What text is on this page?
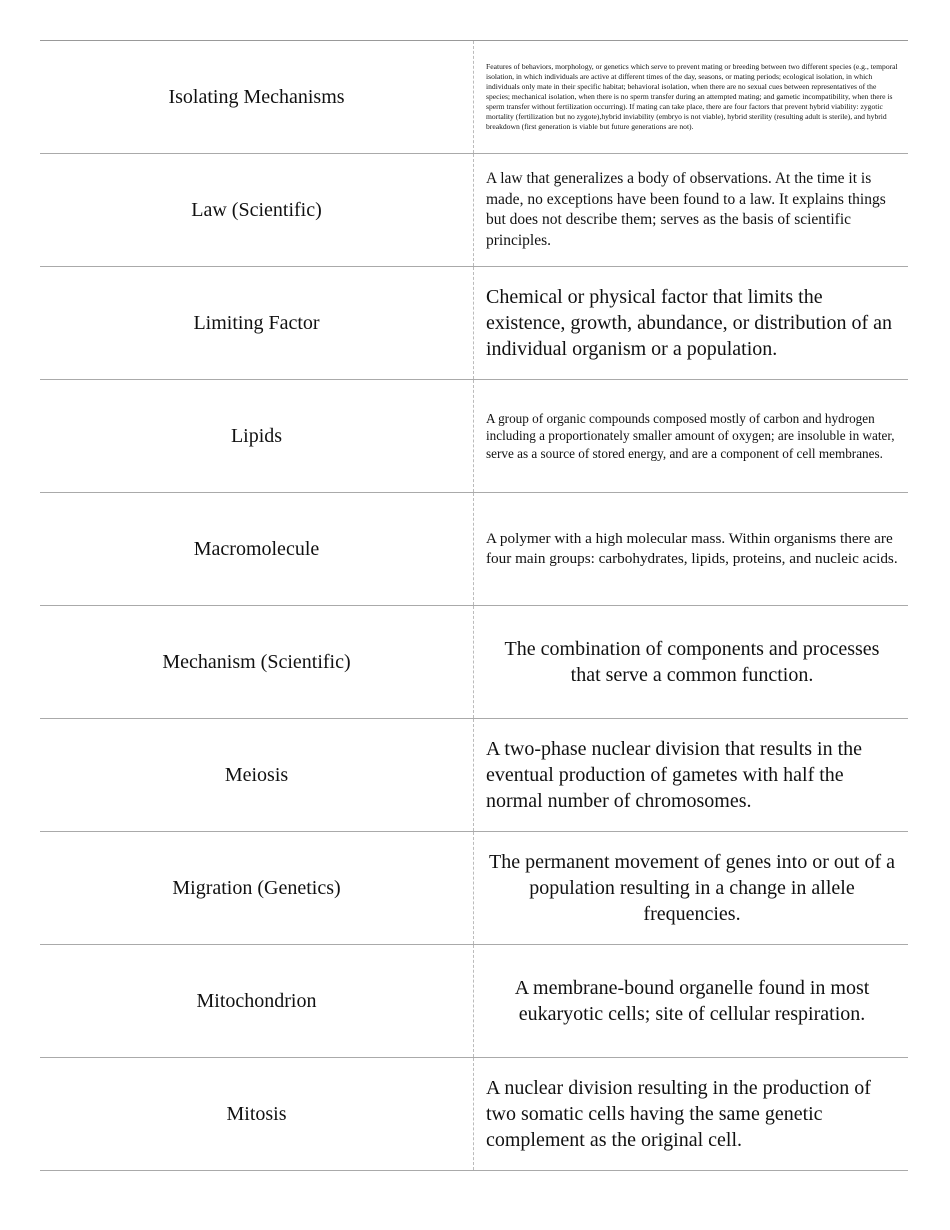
Isolating Mechanisms
Features of behaviors, morphology, or genetics which serve to prevent mating or breeding between two different species (e.g., temporal isolation, in which individuals are active at different times of the day, seasons, or mating periods; ecological isolation, in which individuals only mate in their specific habitat; behavioral isolation, when there are no sexual cues between representatives of the species; mechanical isolation, when there is no sperm transfer during an attempted mating; and gametic incompatibility, when there is sperm transfer without fertilization occurring). If mating can take place, there are four factors that prevent hybrid viability: zygotic mortality (fertilization but no zygote),hybrid inviability (embryo is not viable), hybrid sterility (resulting adult is sterile), and hybrid breakdown (first generation is viable but future generations are not).
Law (Scientific)
A law that generalizes a body of observations. At the time it is made, no exceptions have been found to a law. It explains things but does not describe them; serves as the basis of scientific principles.
Limiting Factor
Chemical or physical factor that limits the existence, growth, abundance, or distribution of an individual organism or a population.
Lipids
A group of organic compounds composed mostly of carbon and hydrogen including a proportionately smaller amount of oxygen; are insoluble in water, serve as a source of stored energy, and are a component of cell membranes.
Macromolecule	A polymer with a high molecular mass. Within organisms there are four main groups: carbohydrates, lipids, proteins, and nucleic acids.
Mechanism (Scientific)
The combination of components and processes that serve a common function.
Meiosis
A two-phase nuclear division that results in the eventual production of gametes with half the normal number of chromosomes.
Migration (Genetics)
The permanent movement of genes into or out of a population resulting in a change in allele frequencies.
Mitochondrion
A membrane-bound organelle found in most eukaryotic cells; site of cellular respiration.
Mitosis
A nuclear division resulting in the production of two somatic cells having the same genetic complement as the original cell.
